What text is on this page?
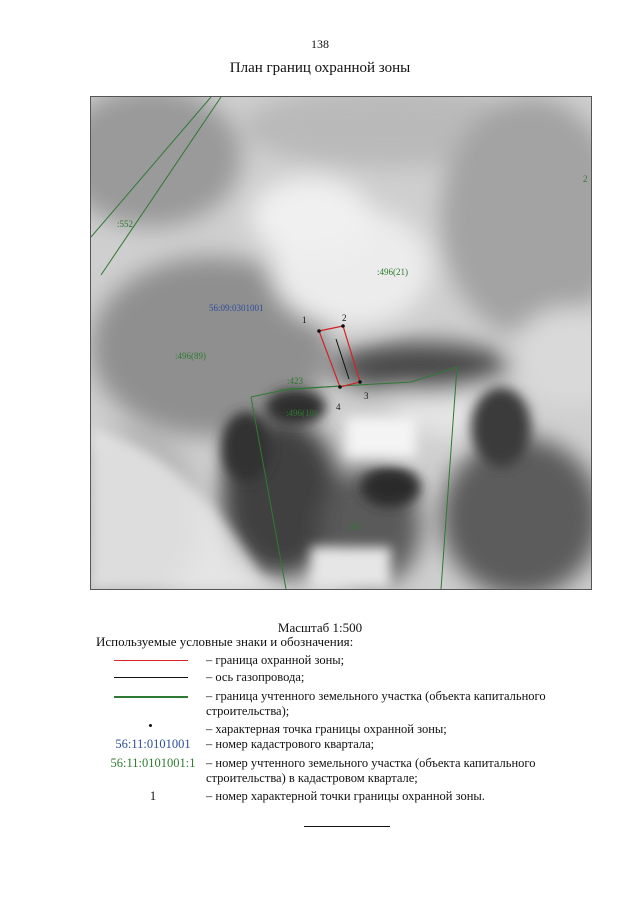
138
План границ охранной зоны
:552
:496(21)
56:09:0301001
:496(89)
:423
:496(10)
:58
2
1	2
3
4
Масштаб 1:500
Используемые условные знаки и обозначения:
– граница охранной зоны;
– ось газопровода;
– граница учтенного земельного участка (объекта капитального строительства);
– характерная точка границы охранной зоны;
56:11:0101001	– номер кадастрового квартала;
56:11:0101001:1 – номер учтенного земельного участка (объекта капитального строительства) в кадастровом квартале;
1	– номер характерной точки границы охранной зоны.
